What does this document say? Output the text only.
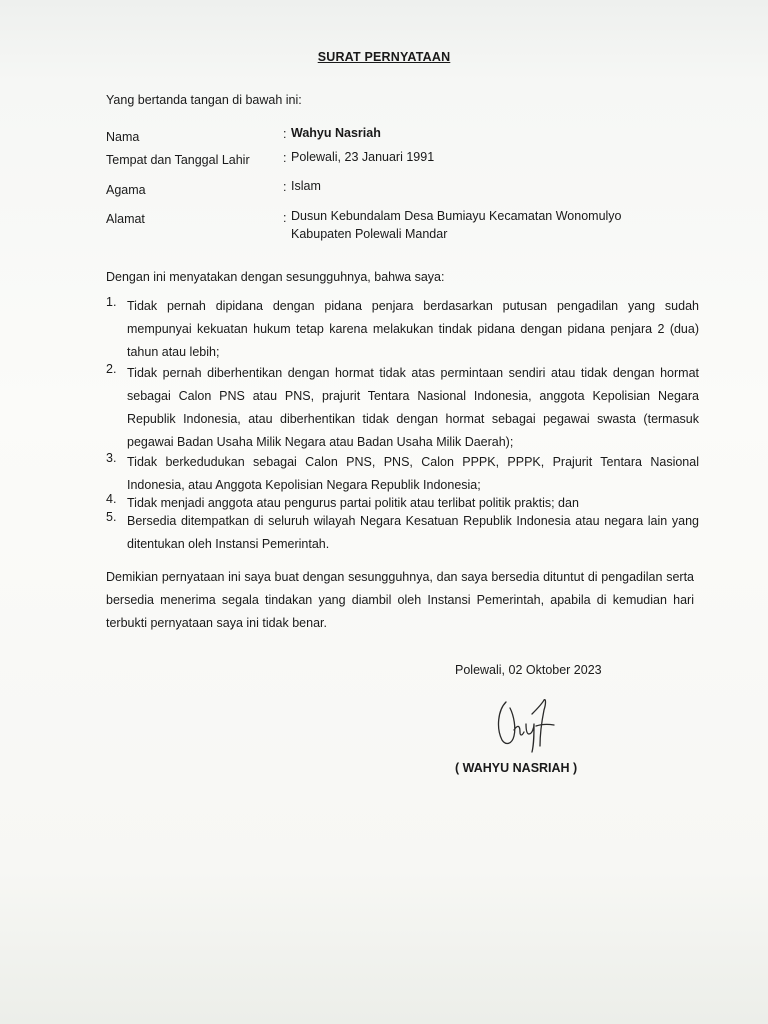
SURAT PERNYATAAN
Yang bertanda tangan di bawah ini:
Nama	: Wahyu Nasriah
Tempat dan Tanggal Lahir	: Polewali, 23 Januari 1991
Agama	: Islam
Alamat	: Dusun Kebundalam Desa Bumiayu Kecamatan Wonomulyo
Kabupaten Polewali Mandar
Dengan ini menyatakan dengan sesungguhnya, bahwa saya:
1. Tidak pernah dipidana dengan pidana penjara berdasarkan putusan pengadilan yang sudah mempunyai kekuatan hukum tetap karena melakukan tindak pidana dengan pidana penjara 2 (dua) tahun atau lebih;
2. Tidak pernah diberhentikan dengan hormat tidak atas permintaan sendiri atau tidak dengan hormat sebagai Calon PNS atau PNS, prajurit Tentara Nasional Indonesia, anggota Kepolisian Negara Republik Indonesia, atau diberhentikan tidak dengan hormat sebagai pegawai swasta (termasuk pegawai Badan Usaha Milik Negara atau Badan Usaha Milik Daerah);
3. Tidak berkedudukan sebagai Calon PNS, PNS, Calon PPPK, PPPK, Prajurit Tentara Nasional Indonesia, atau Anggota Kepolisian Negara Republik Indonesia;
4. Tidak menjadi anggota atau pengurus partai politik atau terlibat politik praktis; dan
5. Bersedia ditempatkan di seluruh wilayah Negara Kesatuan Republik Indonesia atau negara lain yang ditentukan oleh Instansi Pemerintah.
Demikian pernyataan ini saya buat dengan sesungguhnya, dan saya bersedia dituntut di pengadilan serta bersedia menerima segala tindakan yang diambil oleh Instansi Pemerintah, apabila di kemudian hari terbukti pernyataan saya ini tidak benar.
Polewali, 02 Oktober 2023
( WAHYU NASRIAH )
